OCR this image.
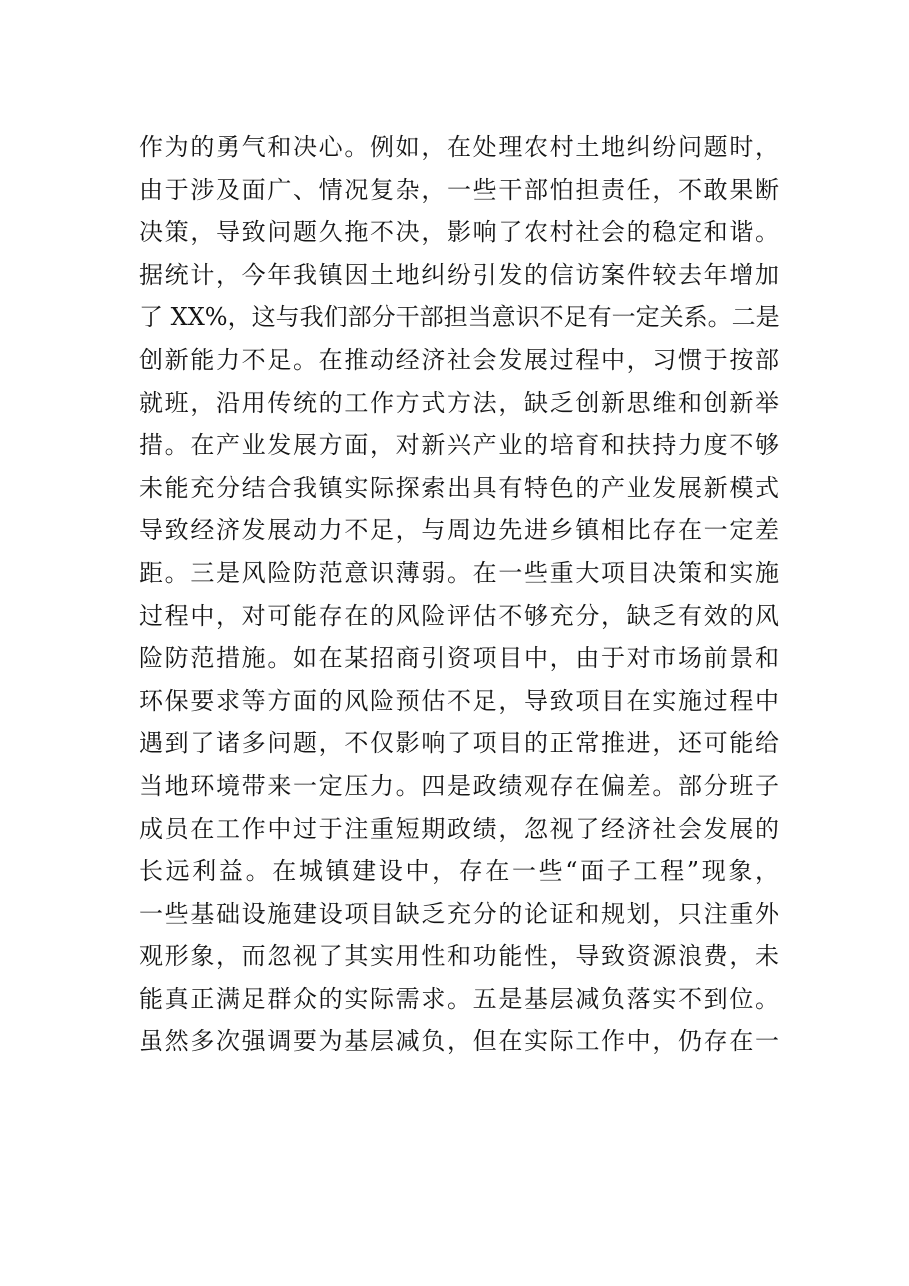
作为的勇气和决心。例如，在处理农村土地纠纷问题时，
由于涉及面广、情况复杂，一些干部怕担责任，不敢果断
决策，导致问题久拖不决，影响了农村社会的稳定和谐。
据统计，今年我镇因土地纠纷引发的信访案件较去年增加
了 XX%，这与我们部分干部担当意识不足有一定关系。二是
创新能力不足。在推动经济社会发展过程中，习惯于按部
就班，沿用传统的工作方式方法，缺乏创新思维和创新举
措。在产业发展方面，对新兴产业的培育和扶持力度不够
未能充分结合我镇实际探索出具有特色的产业发展新模式
导致经济发展动力不足，与周边先进乡镇相比存在一定差
距。三是风险防范意识薄弱。在一些重大项目决策和实施
过程中，对可能存在的风险评估不够充分，缺乏有效的风
险防范措施。如在某招商引资项目中，由于对市场前景和
环保要求等方面的风险预估不足，导致项目在实施过程中
遇到了诸多问题，不仅影响了项目的正常推进，还可能给
当地环境带来一定压力。四是政绩观存在偏差。部分班子
成员在工作中过于注重短期政绩，忽视了经济社会发展的
长远利益。在城镇建设中，存在一些“面子工程”现象，
一些基础设施建设项目缺乏充分的论证和规划，只注重外
观形象，而忽视了其实用性和功能性，导致资源浪费，未
能真正满足群众的实际需求。五是基层减负落实不到位。
虽然多次强调要为基层减负，但在实际工作中，仍存在一
